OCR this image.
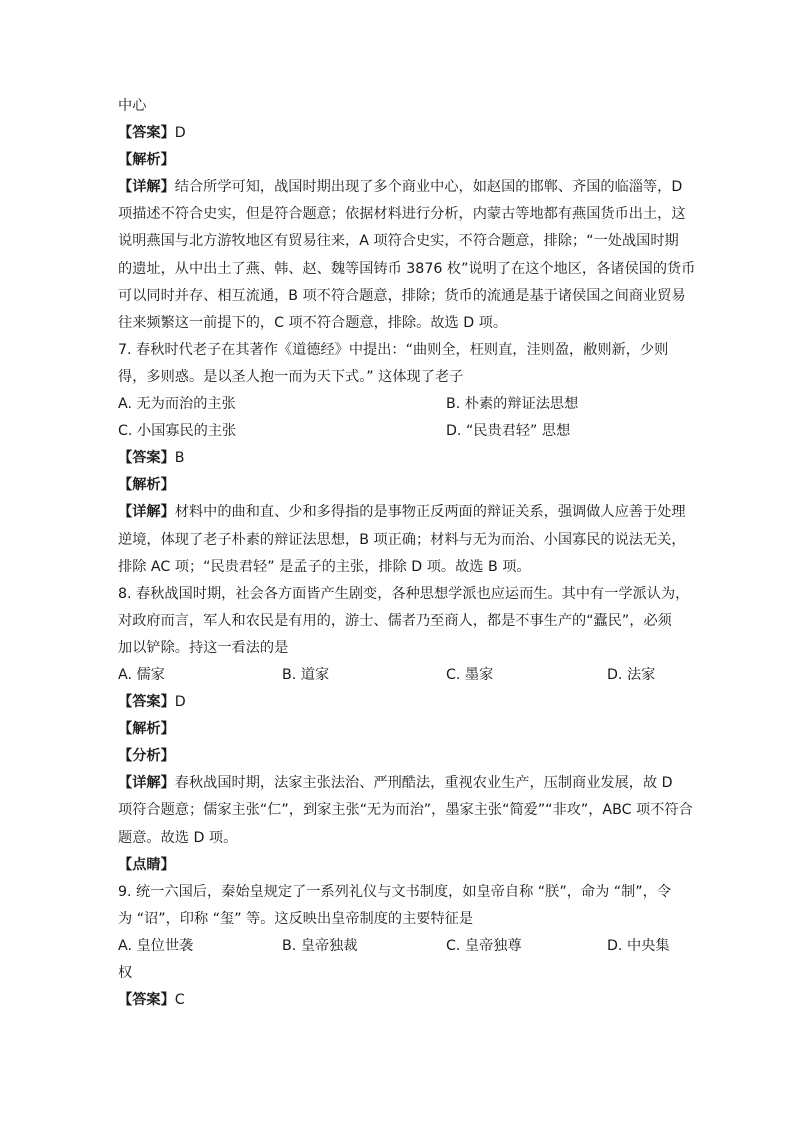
中心
【答案】D
【解析】
【详解】结合所学可知，战国时期出现了多个商业中心，如赵国的邯郸、齐国的临淄等，D
项描述不符合史实，但是符合题意；依据材料进行分析，内蒙古等地都有燕国货币出土，这
说明燕国与北方游牧地区有贸易往来，A 项符合史实，不符合题意，排除；“一处战国时期
的遗址，从中出土了燕、韩、赵、魏等国铸币 3876 枚”说明了在这个地区，各诸侯国的货币
可以同时并存、相互流通，B 项不符合题意，排除；货币的流通是基于诸侯国之间商业贸易
往来频繁这一前提下的，C 项不符合题意，排除。故选 D 项。
7. 春秋时代老子在其著作《道德经》中提出：“曲则全，枉则直，洼则盈，敝则新，少则
得，多则惑。是以圣人抱一而为天下式。” 这体现了老子
A. 无为而治的主张	B. 朴素的辩证法思想
C. 小国寡民的主张	D. “民贵君轻” 思想
【答案】B
【解析】
【详解】材料中的曲和直、少和多得指的是事物正反两面的辩证关系，强调做人应善于处理
逆境，体现了老子朴素的辩证法思想，B 项正确；材料与无为而治、小国寡民的说法无关，
排除 AC 项；“民贵君轻” 是孟子的主张，排除 D 项。故选 B 项。
8. 春秋战国时期，社会各方面皆产生剧变，各种思想学派也应运而生。其中有一学派认为，
对政府而言，军人和农民是有用的，游士、儒者乃至商人，都是不事生产的“蠹民”，必须
加以铲除。持这一看法的是
A. 儒家	B. 道家	C. 墨家	D. 法家
【答案】D
【解析】
【分析】
【详解】春秋战国时期，法家主张法治、严刑酷法，重视农业生产，压制商业发展，故 D
项符合题意；儒家主张“仁”，到家主张“无为而治”，墨家主张“简爱”“非攻”，ABC 项不符合
题意。故选 D 项。
【点睛】
9. 统一六国后，秦始皇规定了一系列礼仪与文书制度，如皇帝自称 “朕”，命为 “制”，令
为 “诏”，印称 “玺” 等。这反映出皇帝制度的主要特征是
A. 皇位世袭	B. 皇帝独裁	C. 皇帝独尊	D. 中央集
权
【答案】C
